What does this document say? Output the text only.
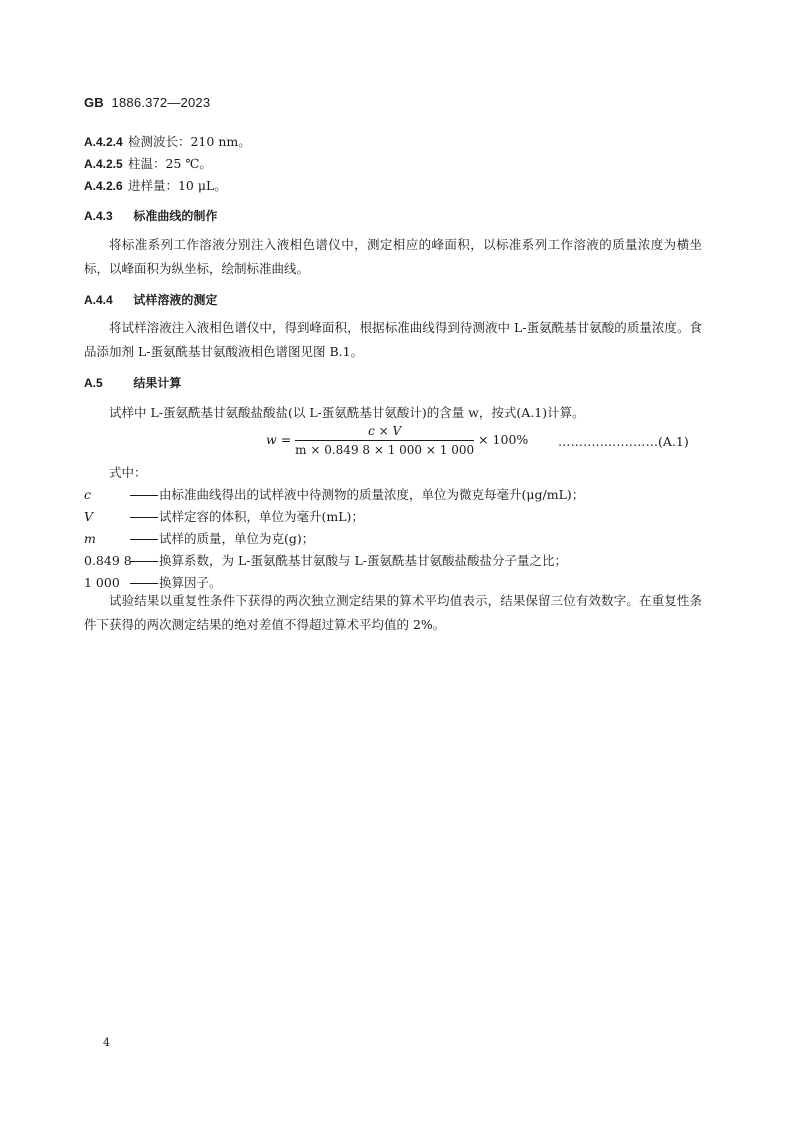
GB 1886.372—2023
A.4.2.4 检测波长：210 nm。
A.4.2.5 柱温：25 ℃。
A.4.2.6 进样量：10 μL。
A.4.3 标准曲线的制作
将标准系列工作溶液分别注入液相色谱仪中，测定相应的峰面积，以标准系列工作溶液的质量浓度为横坐标，以峰面积为纵坐标，绘制标准曲线。
A.4.4 试样溶液的测定
将试样溶液注入液相色谱仪中，得到峰面积，根据标准曲线得到待测液中 L-蛋氨酰基甘氨酸的质量浓度。食品添加剂 L-蛋氨酰基甘氨酸液相色谱图见图 B.1。
A.5	结果计算
试样中 L-蛋氨酰基甘氨酸盐酸盐(以 L-蛋氨酰基甘氨酸计)的含量 w，按式(A.1)计算。
$w = \frac{c \times V}{m \times 0.849 8 \times 1 000 \times 1 000} \times 100\%$ ……………………(A.1)
式中：
c	由标准曲线得出的试样液中待测物的质量浓度，单位为微克每毫升(μg/mL)；
V	试样定容的体积，单位为毫升(mL)；
m	试样的质量，单位为克(g)；
0.849 8 换算系数，为 L-蛋氨酰基甘氨酸与 L-蛋氨酰基甘氨酸盐酸盐分子量之比；
1 000	换算因子。
试验结果以重复性条件下获得的两次独立测定结果的算术平均值表示，结果保留三位有效数字。在重复性条件下获得的两次测定结果的绝对差值不得超过算术平均值的 2%。
4
